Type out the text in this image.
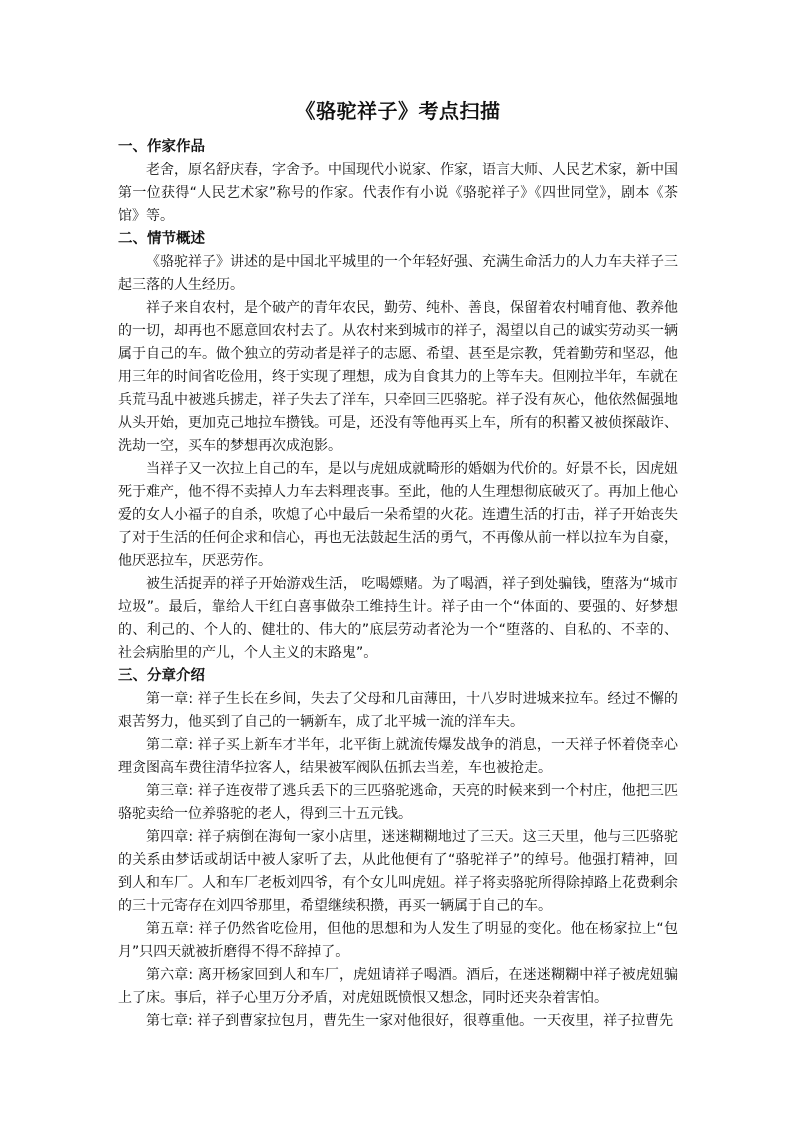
《骆驼祥子》考点扫描
一、作家作品

老舍，原名舒庆春，字舍予。中国现代小说家、作家，语言大师、人民艺术家，新中国第一位获得“人民艺术家”称号的作家。代表作有小说《骆驼祥子》《四世同堂》，剧本《茶馆》等。

二、情节概述

《骆驼祥子》讲述的是中国北平城里的一个年轻好强、充满生命活力的人力车夫祥子三起三落的人生经历。

祥子来自农村，是个破产的青年农民，勤劳、纯朴、善良，保留着农村哺育他、教养他的一切，却再也不愿意回农村去了。从农村来到城市的祥子，渴望以自己的诚实劳动买一辆属于自己的车。做个独立的劳动者是祥子的志愿、希望、甚至是宗教，凭着勤劳和坚忍，他用三年的时间省吃俭用，终于实现了理想，成为自食其力的上等车夫。但刚拉半年，车就在兵荒马乱中被逃兵掳走，祥子失去了洋车，只牵回三匹骆驼。祥子没有灰心，他依然倔强地从头开始，更加克己地拉车攒钱。可是，还没有等他再买上车，所有的积蓄又被侦探敲诈、洗劫一空，买车的梦想再次成泡影。

当祥子又一次拉上自己的车，是以与虎妞成就畸形的婚姻为代价的。好景不长，因虎妞死于难产，他不得不卖掉人力车去料理丧事。至此，他的人生理想彻底破灭了。再加上他心爱的女人小福子的自杀，吹熄了心中最后一朵希望的火花。连遭生活的打击，祥子开始丧失了对于生活的任何企求和信心，再也无法鼓起生活的勇气，不再像从前一样以拉车为自豪，他厌恶拉车，厌恶劳作。

被生活捉弄的祥子开始游戏生活， 吃喝嫖赌。为了喝酒，祥子到处骗钱，堕落为“城市垃圾”。最后，靠给人干红白喜事做杂工维持生计。祥子由一个“体面的、要强的、好梦想的、利己的、个人的、健壮的、伟大的”底层劳动者沦为一个“堕落的、自私的、不幸的、社会病胎里的产儿，个人主义的末路鬼”。

三、分章介绍

第一章: 祥子生长在乡间，失去了父母和几亩薄田，十八岁时进城来拉车。经过不懈的艰苦努力，他买到了自己的一辆新车，成了北平城一流的洋车夫。

第二章: 祥子买上新车才半年，北平街上就流传爆发战争的消息，一天祥子怀着侥幸心理贪图高车费往清华拉客人，结果被军阀队伍抓去当差，车也被抢走。

第三章: 祥子连夜带了逃兵丢下的三匹骆驼逃命，天亮的时候来到一个村庄，他把三匹骆驼卖给一位养骆驼的老人，得到三十五元钱。

第四章: 祥子病倒在海甸一家小店里，迷迷糊糊地过了三天。这三天里，他与三匹骆驼的关系由梦话或胡话中被人家听了去，从此他便有了“骆驼祥子”的绰号。他强打精神，回到人和车厂。人和车厂老板刘四爷，有个女儿叫虎妞。祥子将卖骆驼所得除掉路上花费剩余的三十元寄存在刘四爷那里，希望继续积攒，再买一辆属于自己的车。

第五章: 祥子仍然省吃俭用，但他的思想和为人发生了明显的变化。他在杨家拉上“包月”只四天就被折磨得不得不辞掉了。

第六章: 离开杨家回到人和车厂，虎妞请祥子喝酒。酒后，在迷迷糊糊中祥子被虎妞骗上了床。事后，祥子心里万分矛盾，对虎妞既愤恨又想念，同时还夹杂着害怕。

第七章: 祥子到曹家拉包月，曹先生一家对他很好，很尊重他。一天夜里，祥子拉曹先
